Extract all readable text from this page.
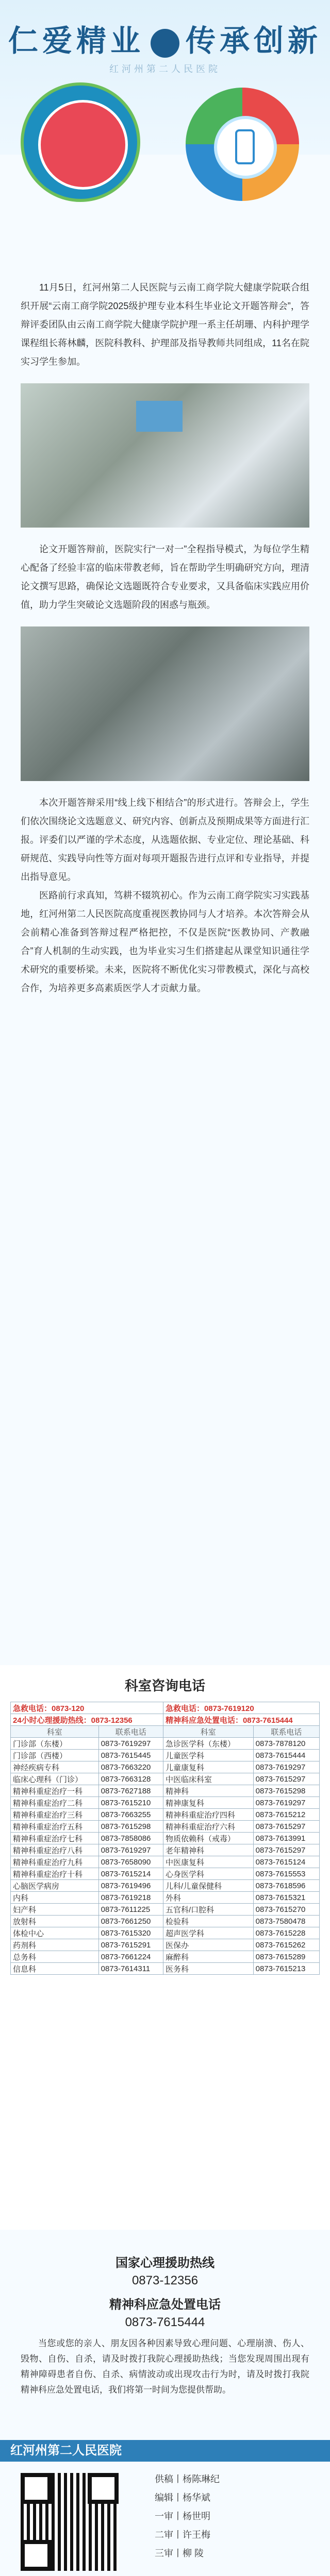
仁爱精业 传承创新
红河州第二人民医院

11月5日，红河州第二人民医院与云南工商学院大健康学院联合组织开展“云南工商学院2025级护理专业本科生毕业论文开题答辩会”，答辩评委团队由云南工商学院大健康学院护理一系主任胡珊、内科护理学课程组长蒋林麟，医院科教科、护理部及指导教师共同组成，11名在院实习学生参加。

论文开题答辩前，医院实行“一对一”全程指导模式，为每位学生精心配备了经验丰富的临床带教老师，旨在帮助学生明确研究方向，理清论文撰写思路，确保论文选题既符合专业要求，又具备临床实践应用价值，助力学生突破论文选题阶段的困惑与瓶颈。

本次开题答辩采用“线上线下相结合”的形式进行。答辩会上，学生们依次围绕论文选题意义、研究内容、创新点及预期成果等方面进行汇报。评委们以严谨的学术态度，从选题依据、专业定位、理论基础、科研规范、实践导向性等方面对每项开题报告进行点评和专业指导，并提出指导意见。

医路前行求真知，笃耕不辍筑初心。作为云南工商学院实习实践基地，红河州第二人民医院高度重视医教协同与人才培养。本次答辩会从会前精心准备到答辩过程严格把控，不仅是医院“医教协同、产教融合”育人机制的生动实践，也为毕业实习生们搭建起从课堂知识通往学术研究的重要桥梁。未来，医院将不断优化实习带教模式，深化与高校合作，为培养更多高素质医学人才贡献力量。

科室咨询电话
急救电话：0873-120		急救电话：0873-7619120	
24小时心理援助热线：0873-12356		精神科应急处置电话：0873-7615444	
科室	联系电话	科室	联系电话
门诊部（东楼）	0873-7619297	急诊医学科（东楼）	0873-7878120
门诊部（西楼）	0873-7615445	儿童医学科	0873-7615444
神经疾病专科	0873-7663220	儿童康复科	0873-7619297
临床心理科（门诊）	0873-7663128	中医临床科室	0873-7615297
精神科重症治疗一科	0873-7627188	精神科	0873-7615298
精神科重症治疗二科	0873-7615210	精神康复科	0873-7619297
精神科重症治疗三科	0873-7663255	精神科重症治疗四科	0873-7615212
精神科重症治疗五科	0873-7615298	精神科重症治疗六科	0873-7615297
精神科重症治疗七科	0873-7858086	物质依赖科（戒毒）	0873-7613991
精神科重症治疗八科	0873-7619297	老年精神科	0873-7615297
精神科重症治疗九科	0873-7658090	中医康复科	0873-7615124
精神科重症治疗十科	0873-7615214	心身医学科	0873-7615553
心脑医学病房	0873-7619496	儿科/儿童保健科	0873-7618596
内科	0873-7619218	外科	0873-7615321
妇产科	0873-7611225	五官科/口腔科	0873-7615270
放射科	0873-7661250	检验科	0873-7580478
体检中心	0873-7615320	超声医学科	0873-7615228
药剂科	0873-7615291	医保办	0873-7615262
总务科	0873-7661224	麻醉科	0873-7615289
信息科	0873-7614311	医务科	0873-7615213

国家心理援助热线

0873-12356

精神科应急处置电话

0873-7615444

当您或您的亲人、朋友因各种因素导致心理问题、心理崩溃、伤人、毁物、自伤、自杀，请及时拨打我院心理援助热线；当您发现周围出现有精神障碍患者自伤、自杀、病情波动或出现攻击行为时，请及时拨打我院精神科应急处置电话，我们将第一时间为您提供帮助。

红河州第二人民医院
供稿丨杨陈琳纪
编辑丨杨华斌
一审丨杨世明
二审丨许王梅
三审丨柳 陵
